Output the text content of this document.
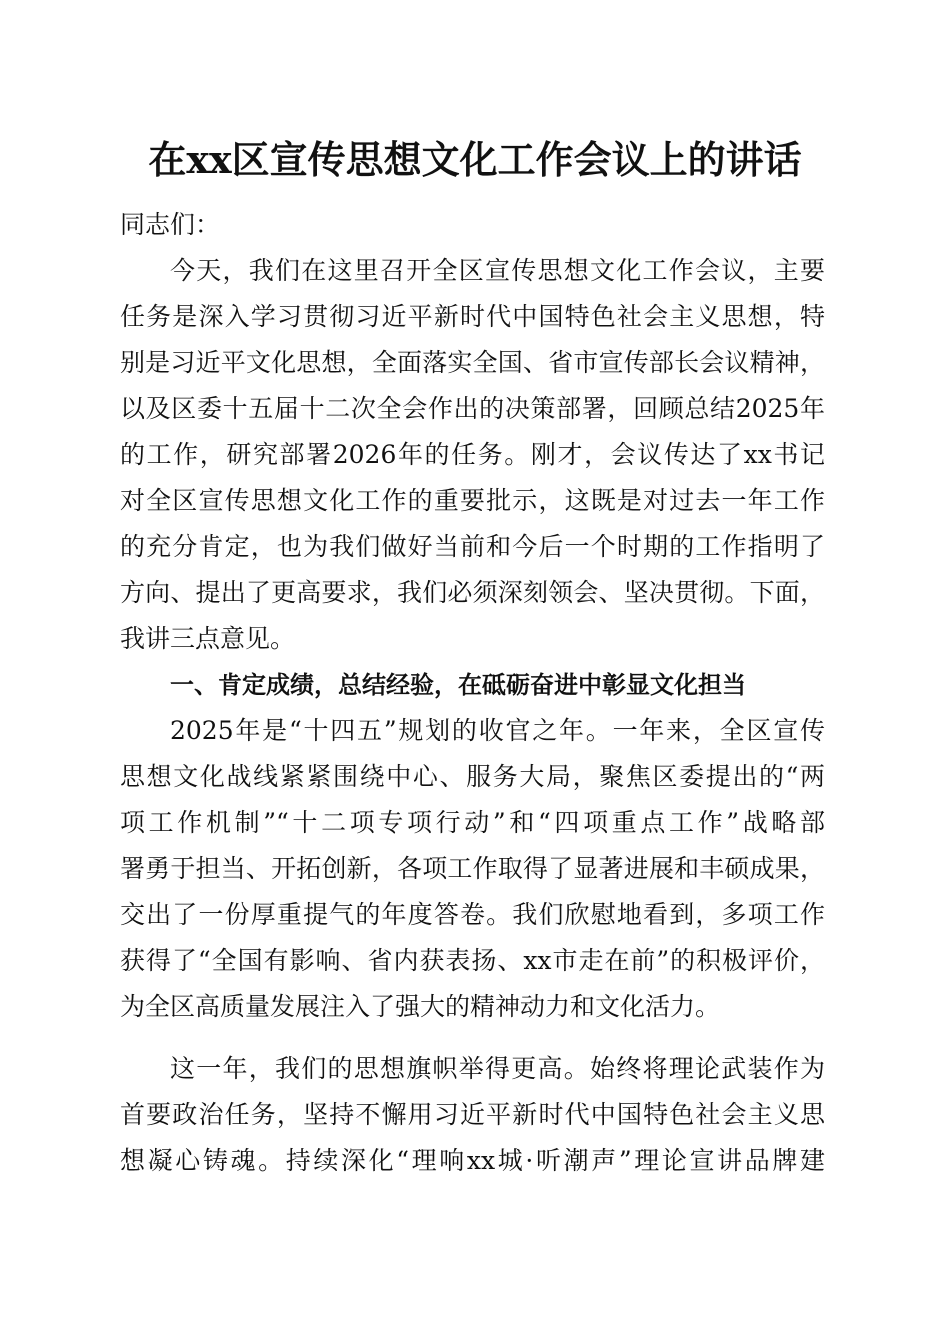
在xx区宣传思想文化工作会议上的讲话
同志们：
今天，我们在这里召开全区宣传思想文化工作会议，主要
任务是深入学习贯彻习近平新时代中国特色社会主义思想，特
别是习近平文化思想，全面落实全国、省市宣传部长会议精神，
以及区委十五届十二次全会作出的决策部署，回顾总结2025年
的工作，研究部署2026年的任务。刚才，会议传达了xx书记
对全区宣传思想文化工作的重要批示，这既是对过去一年工作
的充分肯定，也为我们做好当前和今后一个时期的工作指明了
方向、提出了更高要求，我们必须深刻领会、坚决贯彻。下面，
我讲三点意见。
一、肯定成绩，总结经验，在砥砺奋进中彰显文化担当
2025年是“十四五”规划的收官之年。一年来，全区宣传
思想文化战线紧紧围绕中心、服务大局，聚焦区委提出的“两
项工作机制”“十二项专项行动”和“四项重点工作”战略部
署勇于担当、开拓创新，各项工作取得了显著进展和丰硕成果，
交出了一份厚重提气的年度答卷。我们欣慰地看到，多项工作
获得了“全国有影响、省内获表扬、xx市走在前”的积极评价，
为全区高质量发展注入了强大的精神动力和文化活力。
这一年，我们的思想旗帜举得更高。始终将理论武装作为
首要政治任务，坚持不懈用习近平新时代中国特色社会主义思
想凝心铸魂。持续深化“理响xx城·听潮声”理论宣讲品牌建
